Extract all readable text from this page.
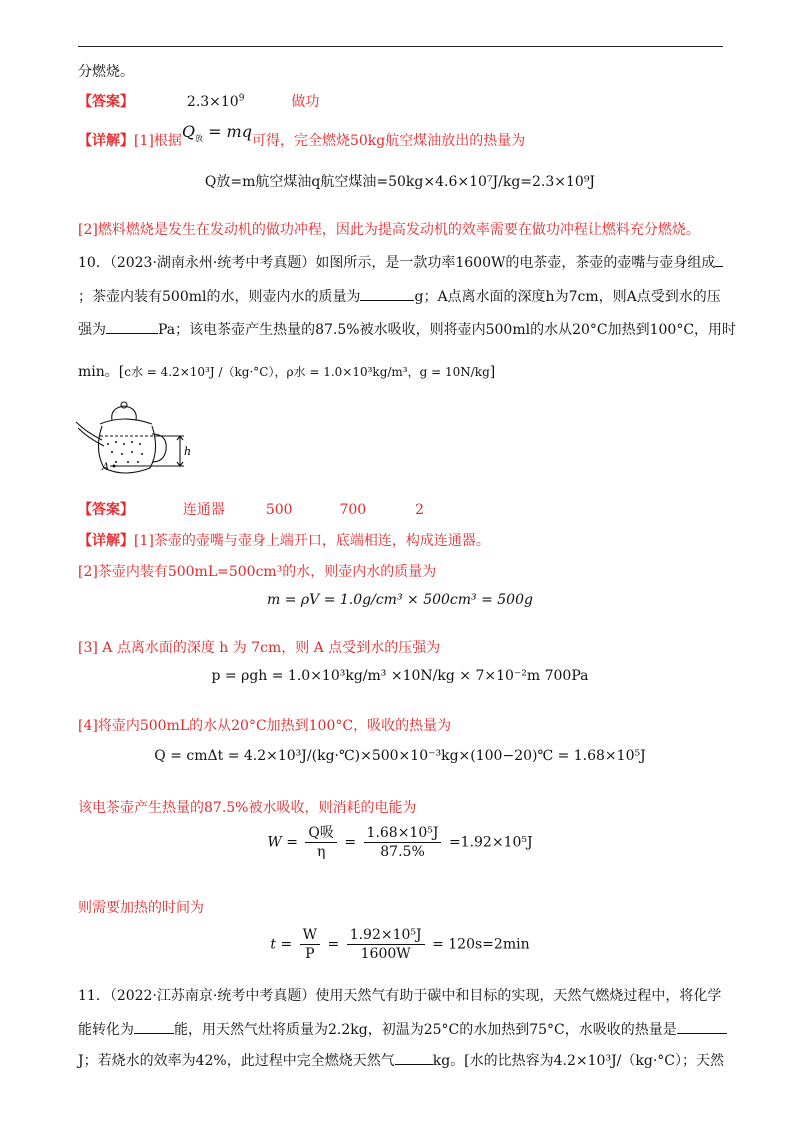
分燃烧。
【答案】	$2.3\times 10^9$	做功
【详解】[1]根据$Q_放$ = mq可得，完全燃烧50kg航空煤油放出的热量为
Q放=m航空煤油q航空煤油=50kg×4.6×10⁷J/kg=2.3×10⁹J
[2]燃料燃烧是发生在发动机的做功冲程，因此为提高发动机的效率需要在做功冲程让燃料充分燃烧。
10．（2023·湖南永州·统考中考真题）如图所示，是一款功率1600W的电茶壶，茶壶的壶嘴与壶身组成
；茶壶内装有500ml的水，则壶内水的质量为	g；A点离水面的深度h为7cm，则A点受到水的压
强为	Pa；该电茶壶产生热量的87.5%被水吸收，则将壶内500ml的水从20°C加热到100°C，用时
min。[c水 = 4.2×10³J /（kg·°C），ρ水 = 1.0×10³kg/m³，g = 10N/kg]
h
A
【答案】	连通器	500	700	2
【详解】[1]茶壶的壶嘴与壶身上端开口，底端相连，构成连通器。
[2]茶壶内装有500mL=500cm³的水，则壶内水的质量为
m = ρV = 1.0g/cm³ × 500cm³ = 500g
[3] A 点离水面的深度 h 为 7cm，则 A 点受到水的压强为
p = ρgh = 1.0×10³kg/m³ ×10N/kg × 7×10⁻²m 700Pa
[4]将壶内500mL的水从20°C加热到100°C，吸收的热量为
Q = cmΔt = 4.2×10³J/(kg·℃)×500×10⁻³kg×(100−20)℃ = 1.68×10⁵J
该电茶壶产生热量的87.5%被水吸收，则消耗的电能为
$W = \frac{\text{Q吸}}{\eta} = \frac{\text{1.68×10⁵J}}{87.5\%} =1.92\times 10^5J$
则需要加热的时间为
$t = \frac{W}{P} = \frac{\text{1.92×10⁵J}}{1600W} = 120s=2\min$
11．（2022·江苏南京·统考中考真题）使用天然气有助于碳中和目标的实现，天然气燃烧过程中，将化学
能转化为	能，用天然气灶将质量为2.2kg，初温为25°C的水加热到75°C，水吸收的热量是
J；若烧水的效率为42%，此过程中完全燃烧天然气	kg。[水的比热容为4.2×10³J/（kg·°C）；天然
